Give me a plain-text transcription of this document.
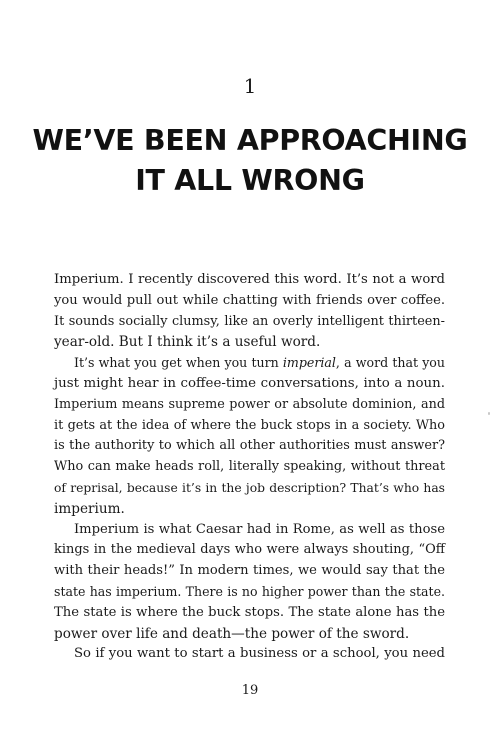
1
WE’VE BEEN APPROACHING
IT ALL WRONG
Imperium. I recently discovered this word. It’s not a word
you would pull out while chatting with friends over coffee.
It sounds socially clumsy, like an overly intelligent thirteen-
year-old. But I think it’s a useful word.
It’s what you get when you turn imperial, a word that you
just might hear in coffee-time conversations, into a noun.
Imperium means supreme power or absolute dominion, and
it gets at the idea of where the buck stops in a society. Who
is the authority to which all other authorities must answer?
Who can make heads roll, literally speaking, without threat
of reprisal, because it’s in the job description? That’s who has
imperium.
Imperium is what Caesar had in Rome, as well as those
kings in the medieval days who were always shouting, “Off
with their heads!” In modern times, we would say that the
state has imperium. There is no higher power than the state.
The state is where the buck stops. The state alone has the
power over life and death—the power of the sword.
So if you want to start a business or a school, you need
19
